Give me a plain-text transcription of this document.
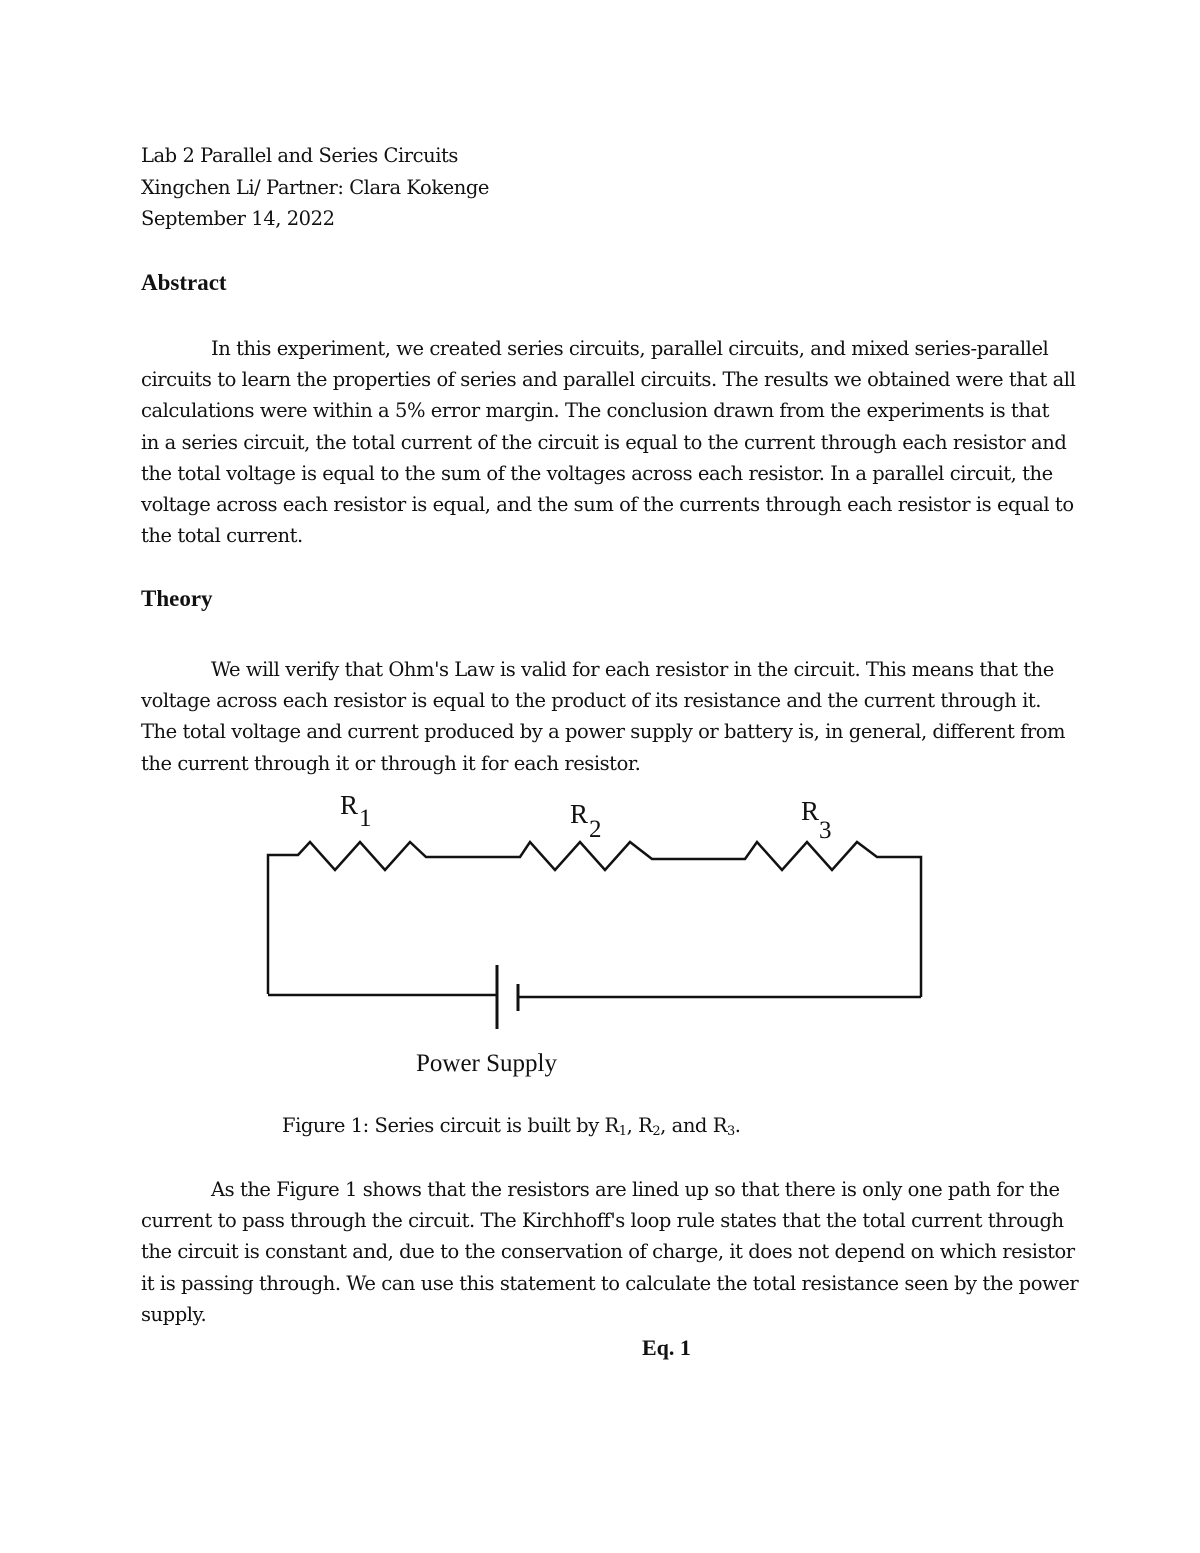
Lab 2 Parallel and Series Circuits
Xingchen Li/ Partner: Clara Kokenge
September 14, 2022
Abstract
In this experiment, we created series circuits, parallel circuits, and mixed series-parallel
circuits to learn the properties of series and parallel circuits. The results we obtained were that all
calculations were within a 5% error margin. The conclusion drawn from the experiments is that
in a series circuit, the total current of the circuit is equal to the current through each resistor and
the total voltage is equal to the sum of the voltages across each resistor. In a parallel circuit, the
voltage across each resistor is equal, and the sum of the currents through each resistor is equal to
the total current.
Theory
We will verify that Ohm's Law is valid for each resistor in the circuit. This means that the
voltage across each resistor is equal to the product of its resistance and the current through it.
The total voltage and current produced by a power supply or battery is, in general, different from
the current through it or through it for each resistor.
R1	R2
R3
Power Supply
Figure 1: Series circuit is built by $R_1$, $R_2$, and $R_3$.
As the Figure 1 shows that the resistors are lined up so that there is only one path for the
current to pass through the circuit. The Kirchhoff's loop rule states that the total current through
the circuit is constant and, due to the conservation of charge, it does not depend on which resistor
it is passing through. We can use this statement to calculate the total resistance seen by the power
supply.
Eq. 1
